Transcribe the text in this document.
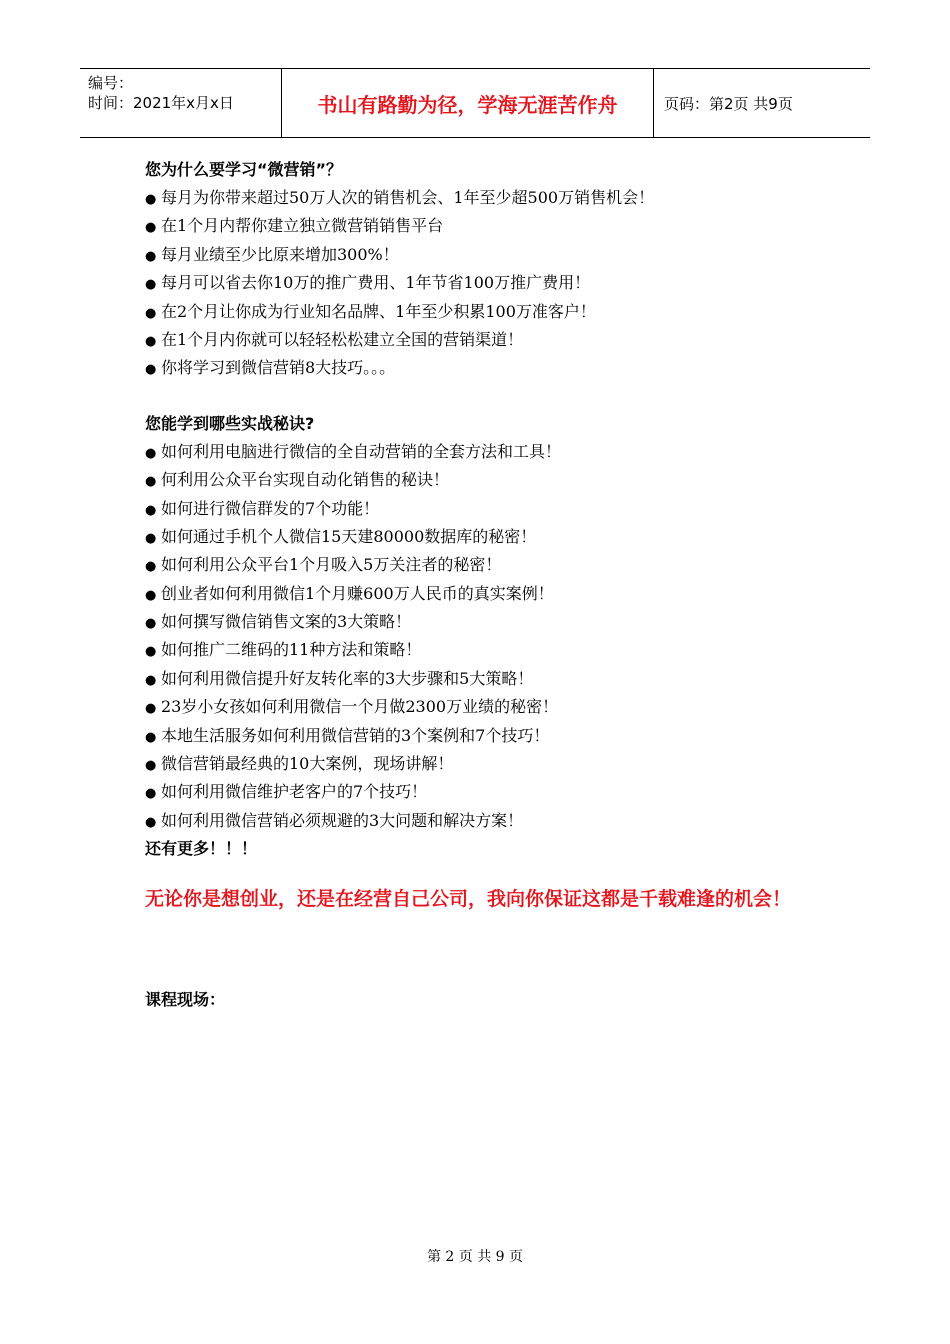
编号：
时间：2021年x月x日	书山有路勤为径，学海无涯苦作舟	页码：第2页 共9页
您为什么要学习“微营销”？
● 每月为你带来超过50万人次的销售机会、1年至少超500万销售机会！
● 在1个月内帮你建立独立微营销销售平台
● 每月业绩至少比原来增加300%！
● 每月可以省去你10万的推广费用、1年节省100万推广费用！
● 在2个月让你成为行业知名品牌、1年至少积累100万准客户！
● 在1个月内你就可以轻轻松松建立全国的营销渠道！
● 你将学习到微信营销8大技巧。。。
您能学到哪些实战秘诀?
● 如何利用电脑进行微信的全自动营销的全套方法和工具！
● 何利用公众平台实现自动化销售的秘诀！
● 如何进行微信群发的7个功能！
● 如何通过手机个人微信15天建80000数据库的秘密！
● 如何利用公众平台1个月吸入5万关注者的秘密！
● 创业者如何利用微信1个月赚600万人民币的真实案例！
● 如何撰写微信销售文案的3大策略！
● 如何推广二维码的11种方法和策略！
● 如何利用微信提升好友转化率的3大步骤和5大策略！
● 23岁小女孩如何利用微信一个月做2300万业绩的秘密！
● 本地生活服务如何利用微信营销的3个案例和7个技巧！
● 微信营销最经典的10大案例，现场讲解！
● 如何利用微信维护老客户的7个技巧！
● 如何利用微信营销必须规避的3大问题和解决方案！
还有更多！！！
无论你是想创业，还是在经营自己公司，我向你保证这都是千载难逢的机会！
课程现场：
第 2 页 共 9 页
